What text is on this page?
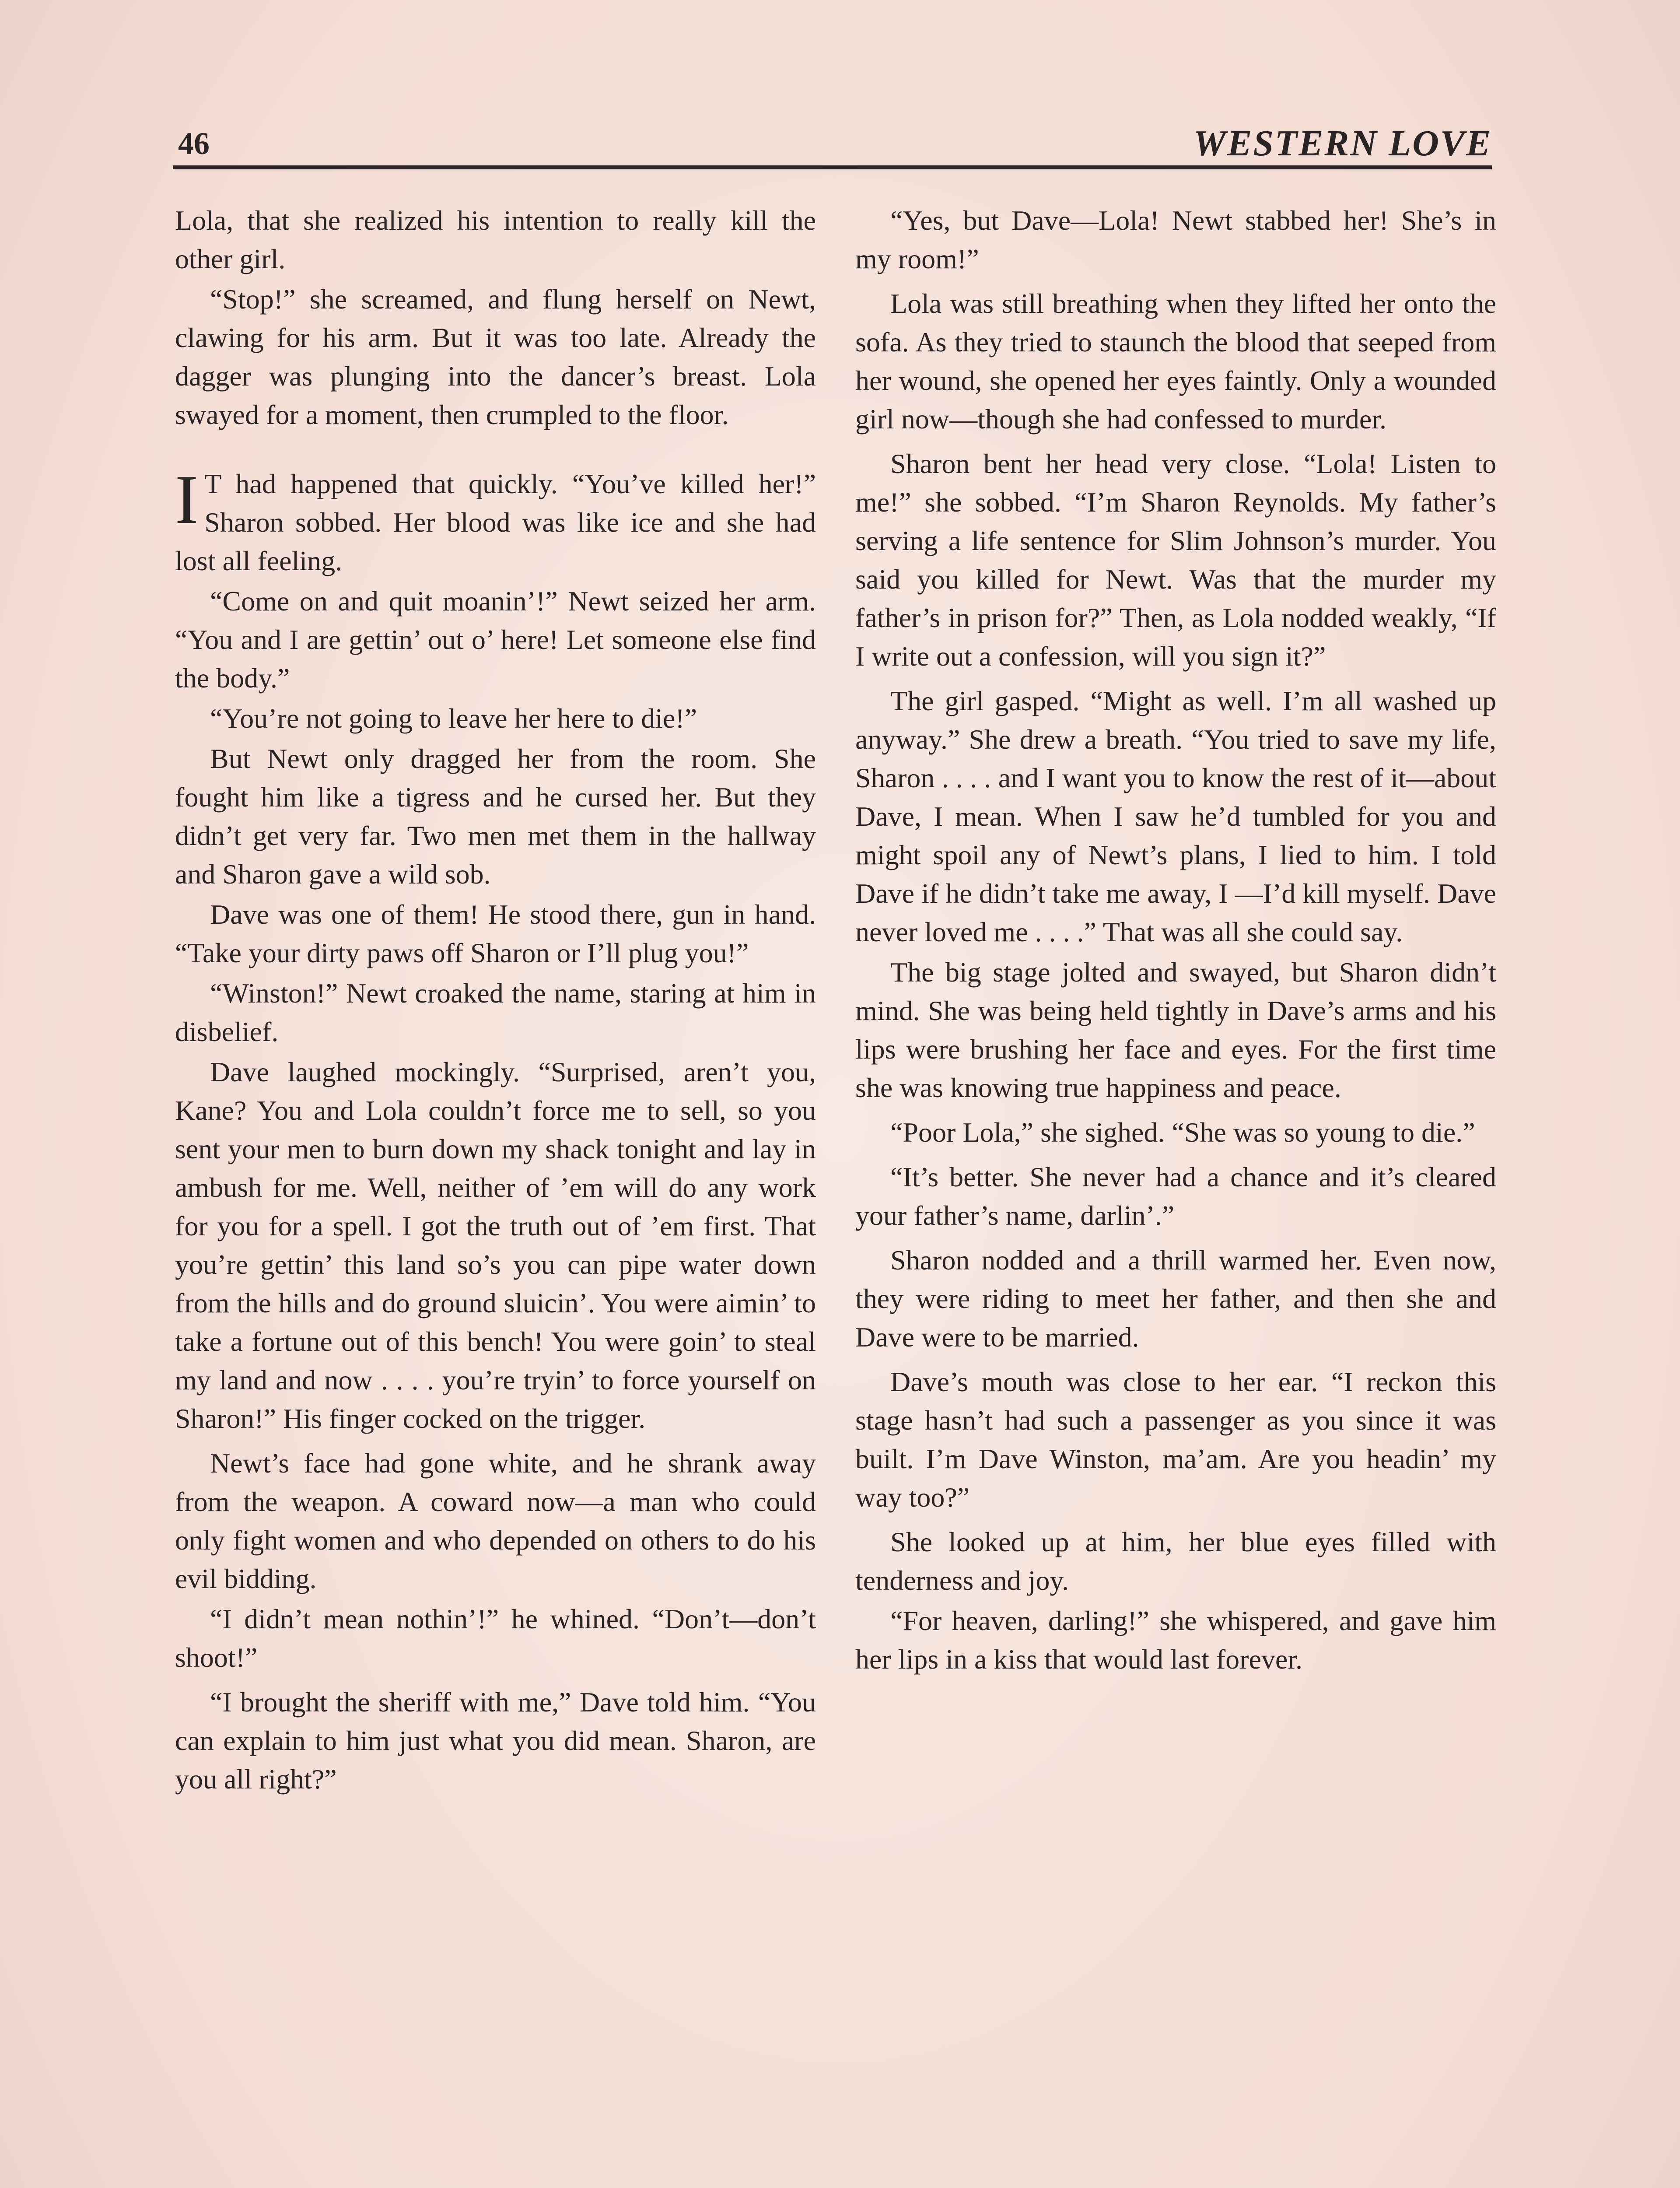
46	WESTERN LOVE

Lola, that she realized his intention to really kill the other girl.

“Stop!” she screamed, and flung herself on Newt, clawing for his arm. But it was too late. Already the dagger was plunging into the dancer’s breast. Lola swayed for a moment, then crumpled to the floor.

I T had happened that quickly. “You’ve killed her!” Sharon sobbed. Her blood was like ice and she had lost all feeling.

“Come on and quit moanin’!” Newt seized her arm. “You and I are gettin’ out o’ here! Let someone else find the body.”

“You’re not going to leave her here to die!”

But Newt only dragged her from the room. She fought him like a tigress and he cursed her. But they didn’t get very far. Two men met them in the hallway and Sharon gave a wild sob.

Dave was one of them! He stood there, gun in hand. “Take your dirty paws off Sharon or I’ll plug you!”

“Winston!” Newt croaked the name, staring at him in disbelief.

Dave laughed mockingly. “Surprised, aren’t you, Kane? You and Lola couldn’t force me to sell, so you sent your men to burn down my shack tonight and lay in ambush for me. Well, neither of ’em will do any work for you for a spell. I got the truth out of ’em first. That you’re gettin’ this land so’s you can pipe water down from the hills and do ground sluicin’. You were aimin’ to take a fortune out of this bench! You were goin’ to steal my land and now . . . . you’re tryin’ to force yourself on Sharon!” His finger cocked on the trigger.

Newt’s face had gone white, and he shrank away from the weapon. A coward now—a man who could only fight women and who depended on others to do his evil bidding.

“I didn’t mean nothin’!” he whined. “Don’t—don’t shoot!”

“I brought the sheriff with me,” Dave told him. “You can explain to him just what you did mean. Sharon, are you all right?”

“Yes, but Dave—Lola! Newt stabbed her! She’s in my room!”

Lola was still breathing when they lifted her onto the sofa. As they tried to staunch the blood that seeped from her wound, she opened her eyes faintly. Only a wounded girl now—though she had confessed to murder.

Sharon bent her head very close. “Lola! Listen to me!” she sobbed. “I’m Sharon Reynolds. My father’s serving a life sentence for Slim Johnson’s murder. You said you killed for Newt. Was that the murder my father’s in prison for?” Then, as Lola nodded weakly, “If I write out a confession, will you sign it?”

The girl gasped. “Might as well. I’m all washed up anyway.” She drew a breath. “You tried to save my life, Sharon . . . . and I want you to know the rest of it—about Dave, I mean. When I saw he’d tumbled for you and might spoil any of Newt’s plans, I lied to him. I told Dave if he didn’t take me away, I —I’d kill myself. Dave never loved me . . . .” That was all she could say.

The big stage jolted and swayed, but Sharon didn’t mind. She was being held tightly in Dave’s arms and his lips were brushing her face and eyes. For the first time she was knowing true happiness and peace.

“Poor Lola,” she sighed. “She was so young to die.”

“It’s better. She never had a chance and it’s cleared your father’s name, darlin’.”

Sharon nodded and a thrill warmed her. Even now, they were riding to meet her father, and then she and Dave were to be married.

Dave’s mouth was close to her ear. “I reckon this stage hasn’t had such a passenger as you since it was built. I’m Dave Winston, ma’am. Are you headin’ my way too?”

She looked up at him, her blue eyes filled with tenderness and joy.

“For heaven, darling!” she whispered, and gave him her lips in a kiss that would last forever.
